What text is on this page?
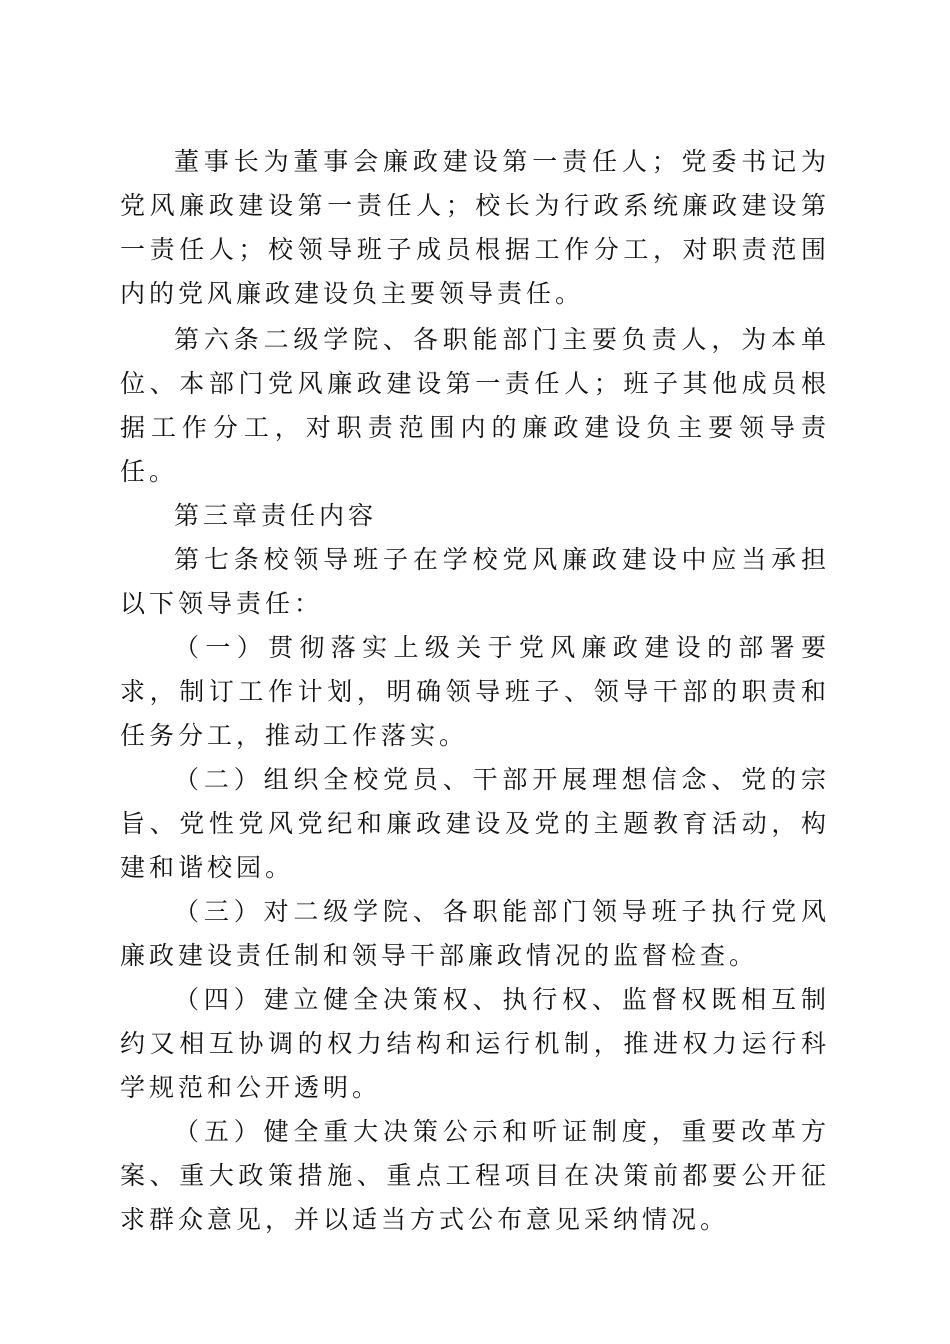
董事长为董事会廉政建设第一责任人；党委书记为党风廉政建设第一责任人；校长为行政系统廉政建设第一责任人；校领导班子成员根据工作分工，对职责范围内的党风廉政建设负主要领导责任。

第六条二级学院、各职能部门主要负责人，为本单位、本部门党风廉政建设第一责任人；班子其他成员根据工作分工，对职责范围内的廉政建设负主要领导责任。

第三章责任内容

第七条校领导班子在学校党风廉政建设中应当承担以下领导责任：

（一）贯彻落实上级关于党风廉政建设的部署要求，制订工作计划，明确领导班子、领导干部的职责和任务分工，推动工作落实。

（二）组织全校党员、干部开展理想信念、党的宗旨、党性党风党纪和廉政建设及党的主题教育活动，构建和谐校园。

（三）对二级学院、各职能部门领导班子执行党风廉政建设责任制和领导干部廉政情况的监督检查。

（四）建立健全决策权、执行权、监督权既相互制约又相互协调的权力结构和运行机制，推进权力运行科学规范和公开透明。

（五）健全重大决策公示和听证制度，重要改革方案、重大政策措施、重点工程项目在决策前都要公开征求群众意见，并以适当方式公布意见采纳情况。
